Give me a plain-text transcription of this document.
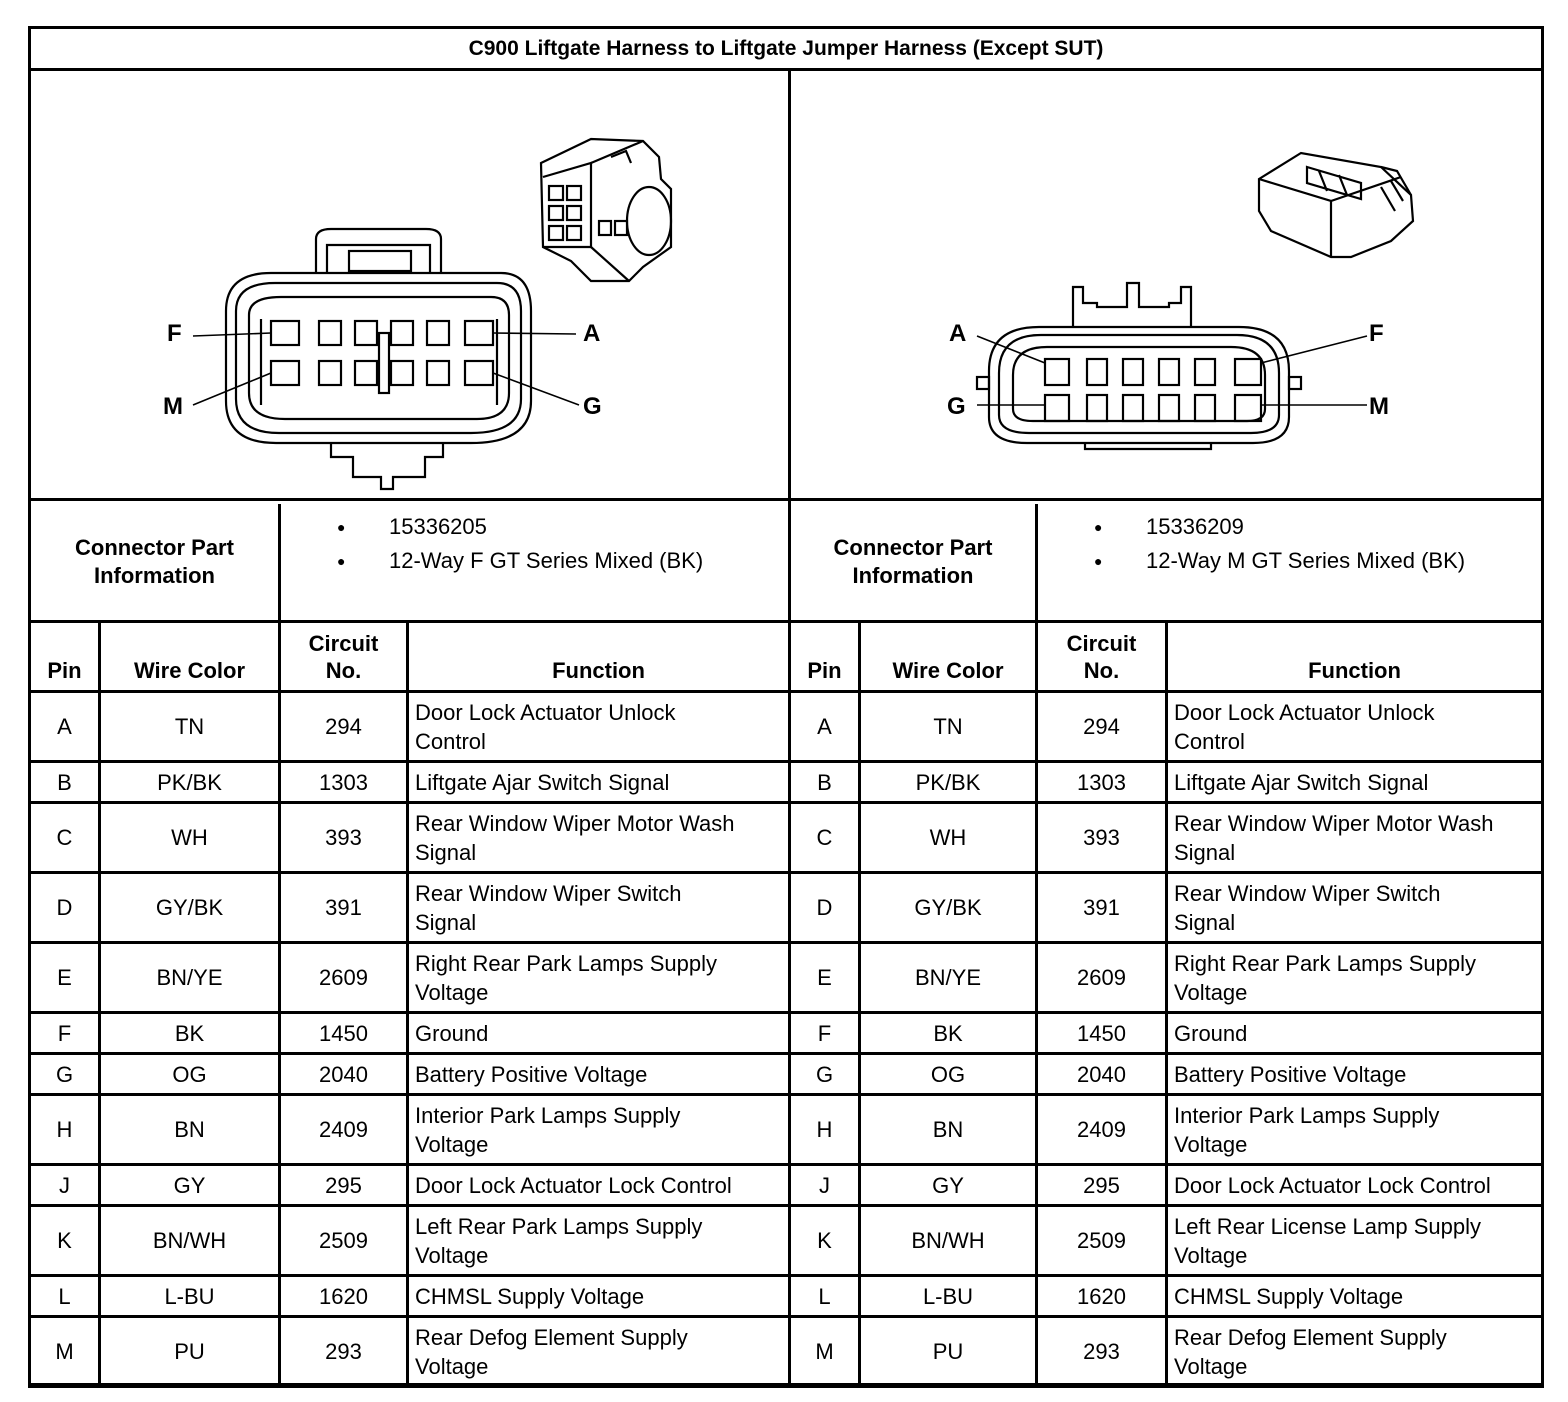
C900 Liftgate Harness to Liftgate Jumper Harness (Except SUT)
F	A
M	G
A	F
G	M
Connector Part
Information
● 15336205
● 12-Way F GT Series Mixed (BK)
Connector Part
Information
● 15336209
● 12-Way M GT Series Mixed (BK)
Pin	Wire Color	Circuit
No.	Function
A	TN	294	Door Lock Actuator Unlock
Control
B	PK/BK	1303	Liftgate Ajar Switch Signal
C	WH	393	Rear Window Wiper Motor Wash
Signal
D	GY/BK	391	Rear Window Wiper Switch
Signal
E	BN/YE	2609	Right Rear Park Lamps Supply
Voltage
F	BK	1450	Ground
G	OG	2040	Battery Positive Voltage
H	BN	2409	Interior Park Lamps Supply
Voltage
J	GY	295	Door Lock Actuator Lock Control
K	BN/WH	2509	Left Rear Park Lamps Supply
Voltage
L	L-BU	1620	CHMSL Supply Voltage
M	PU	293	Rear Defog Element Supply
Voltage
Pin	Wire Color	Circuit
No.	Function
A	TN	294	Door Lock Actuator Unlock
Control
B	PK/BK	1303	Liftgate Ajar Switch Signal
C	WH	393	Rear Window Wiper Motor Wash
Signal
D	GY/BK	391	Rear Window Wiper Switch
Signal
E	BN/YE	2609	Right Rear Park Lamps Supply
Voltage
F	BK	1450	Ground
G	OG	2040	Battery Positive Voltage
H	BN	2409	Interior Park Lamps Supply
Voltage
J	GY	295	Door Lock Actuator Lock Control
K	BN/WH	2509	Left Rear License Lamp Supply
Voltage
L	L-BU	1620	CHMSL Supply Voltage
M	PU	293	Rear Defog Element Supply
Voltage
